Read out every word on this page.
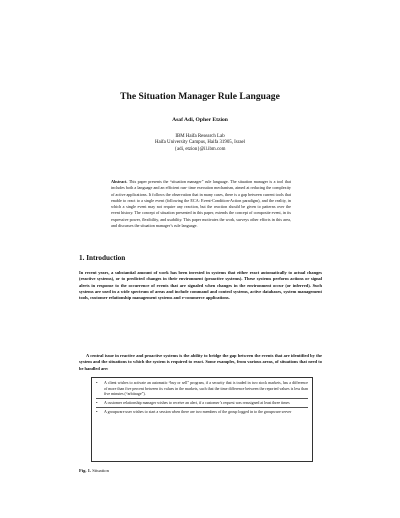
The Situation Manager Rule Language
Asaf Adi, Opher Etzion
IBM Haifa Research Lab
Haifa University Campus, Haifa 31905, Israel
{adi, etzion}@il.ibm.com
Abstract. This paper presents the “situation manager” rule language. The situation manager is a tool that includes both a language and an efficient run- time execution mechanism, aimed at reducing the complexity of active applications. It follows the observation that in many cases, there is a gap between current tools that enable to react to a single event (following the ECA: Event-Condition-Action paradigm), and the reality, in which a single event may not require any reaction, but the reaction should be given to patterns over the event history. The concept of situation presented in this paper, extends the concept of composite event, in its expressive power, flexibility, and usability. This paper motivates the work, surveys other efforts in this area, and discusses the situation manager’s rule language.
1. Introduction
In recent years, a substantial amount of work has been invested in systems that either react automatically to actual changes (reactive systems), or to predicted changes in their environment (proactive systems). These systems perform actions or signal alerts in response to the occurrence of events that are signaled when changes in the environment occur (or inferred). Such systems are used in a wide spectrum of areas and include command and control systems, active databases, system management tools, customer relationship management systems and e-commerce applications.
A central issue in reactive and proactive systems is the ability to bridge the gap between the events that are identified by the system and the situations to which the system is required to react. Some examples, from various areas, of situations that need to be handled are:
• A client wishes to activate an automatic “buy or sell” program, if a security that is traded in two stock markets, has a difference of more than five percent between its values in the markets, such that the time difference between the reported values is less than five minutes (“arbitrage”).
• A customer relationship manager wishes to receive an alert, if a customer’s request was reassigned at least three times
• A groupware user wishes to start a session when there are two members of the group logged in to the groupware server
Fig. 1. Situation
